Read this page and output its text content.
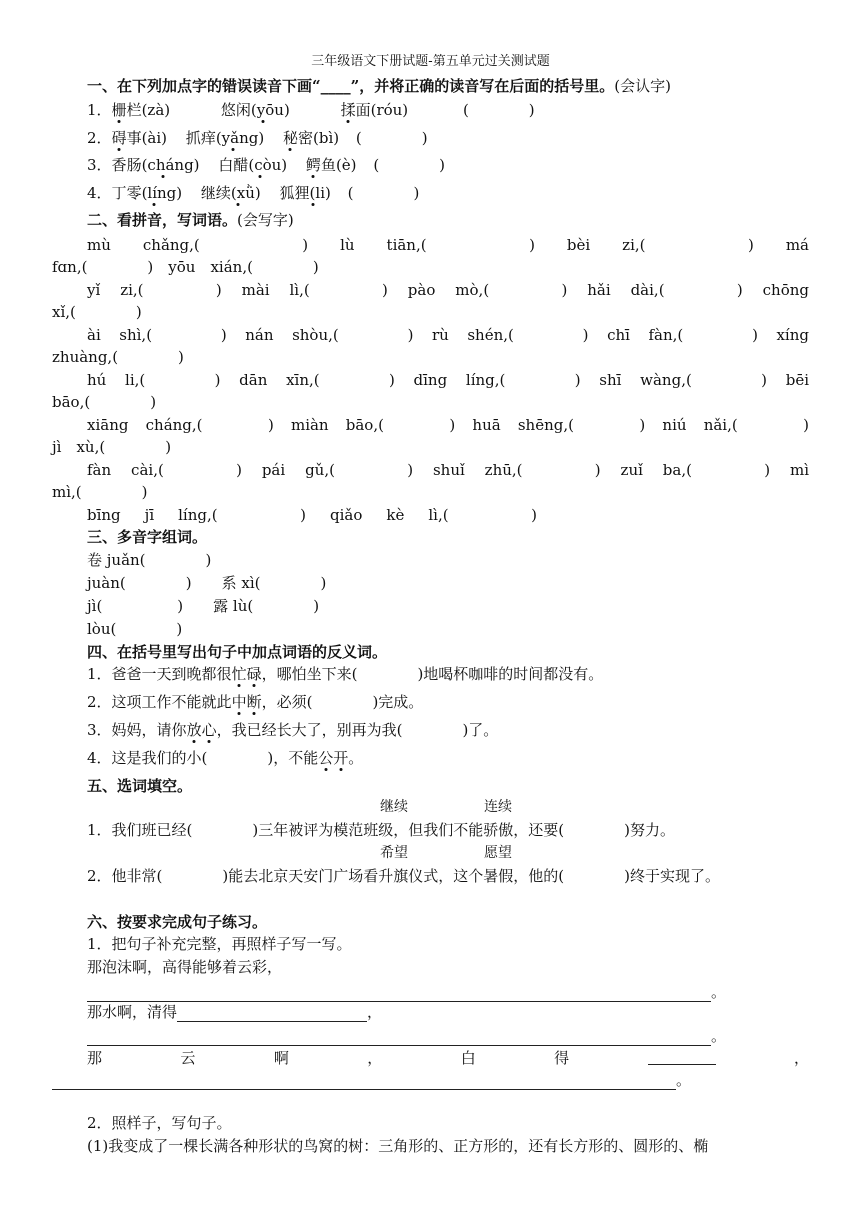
三年级语文下册试题-第五单元过关测试题
一、在下列加点字的错误读音下画“____”，并将正确的读音写在后面的括号里。(会认字)
1．栅栏(zà)	悠闲(yōu)	揉面(róu)	(　　　　)
2．碍事(ài) 抓痒(yǎng) 秘密(bì) (　　　　)
3．香肠(cháng) 白醋(còu) 鳄鱼(è) (　　　　)
4．丁零(líng) 继续(xǜ) 狐狸(li) (　　　　)
二、看拼音，写词语。(会写字)
mù　chǎng,(　　　　)　lù　tiān,(　　　　)　bèi　zi,(　　　　)　má
fɑn,(　　　　)　yōu　xián,(　　　　)
yǐ　zi,(　　　　)　mài　lì,(　　　　)　pào　mò,(　　　　)　hǎi　dài,(　　　　)　chōng
xǐ,(　　　　)
ài　shì,(　　　　)　nán　shòu,(　　　　)　rù　shén,(　　　　)　chī　fàn,(　　　　)　xíng
zhuàng,(　　　　)
hú　li,(　　　　)　dān　xīn,(　　　　)　dīng　líng,(　　　　)　shī　wàng,(　　　　)　bēi
bāo,(　　　　)
xiāng　cháng,(　　　　)　miàn　bāo,(　　　　)　huā　shēng,(　　　　)　niú　nǎi,(　　　　)
jì　xù,(　　　　)
fàn　cài,(　　　　)　pái　gǔ,(　　　　)　shuǐ　zhū,(　　　　)　zuǐ　ba,(　　　　)　mì
mì,(　　　　)
bīng　jī　líng,(　　　　)　qiǎo　kè　lì,(　　　　)
三、多音字组词。
卷 juǎn(　　　　)
juàn(　　　　)　　系 xì(　　　　)
jì(　　　　　)　　露 lù(　　　　)
lòu(　　　　)
四、在括号里写出句子中加点词语的反义词。
1．爸爸一天到晚都很忙碌，哪怕坐下来(　　　　)地喝杯咖啡的时间都没有。
2．这项工作不能就此中断，必须(　　　　)完成。
3．妈妈，请你放心，我已经长大了，别再为我(　　　　)了。
4．这是我们的小(　　　　)，不能公开。
五、选词填空。
继续	连续
1．我们班已经(　　　　)三年被评为模范班级，但我们不能骄傲，还要(　　　　)努力。
希望	愿望
2．他非常(　　　　)能去北京天安门广场看升旗仪式，这个暑假，他的(　　　　)终于实现了。
六、按要求完成句子练习。
1．把句子补充完整，再照样子写一写。
那泡沫啊，高得能够着云彩，
。
那水啊，清得	，
。
那	云	啊	，	白	得	，
。
2．照样子，写句子。
(1)我变成了一棵长满各种形状的鸟窝的树：三角形的、正方形的，还有长方形的、圆形的、椭
